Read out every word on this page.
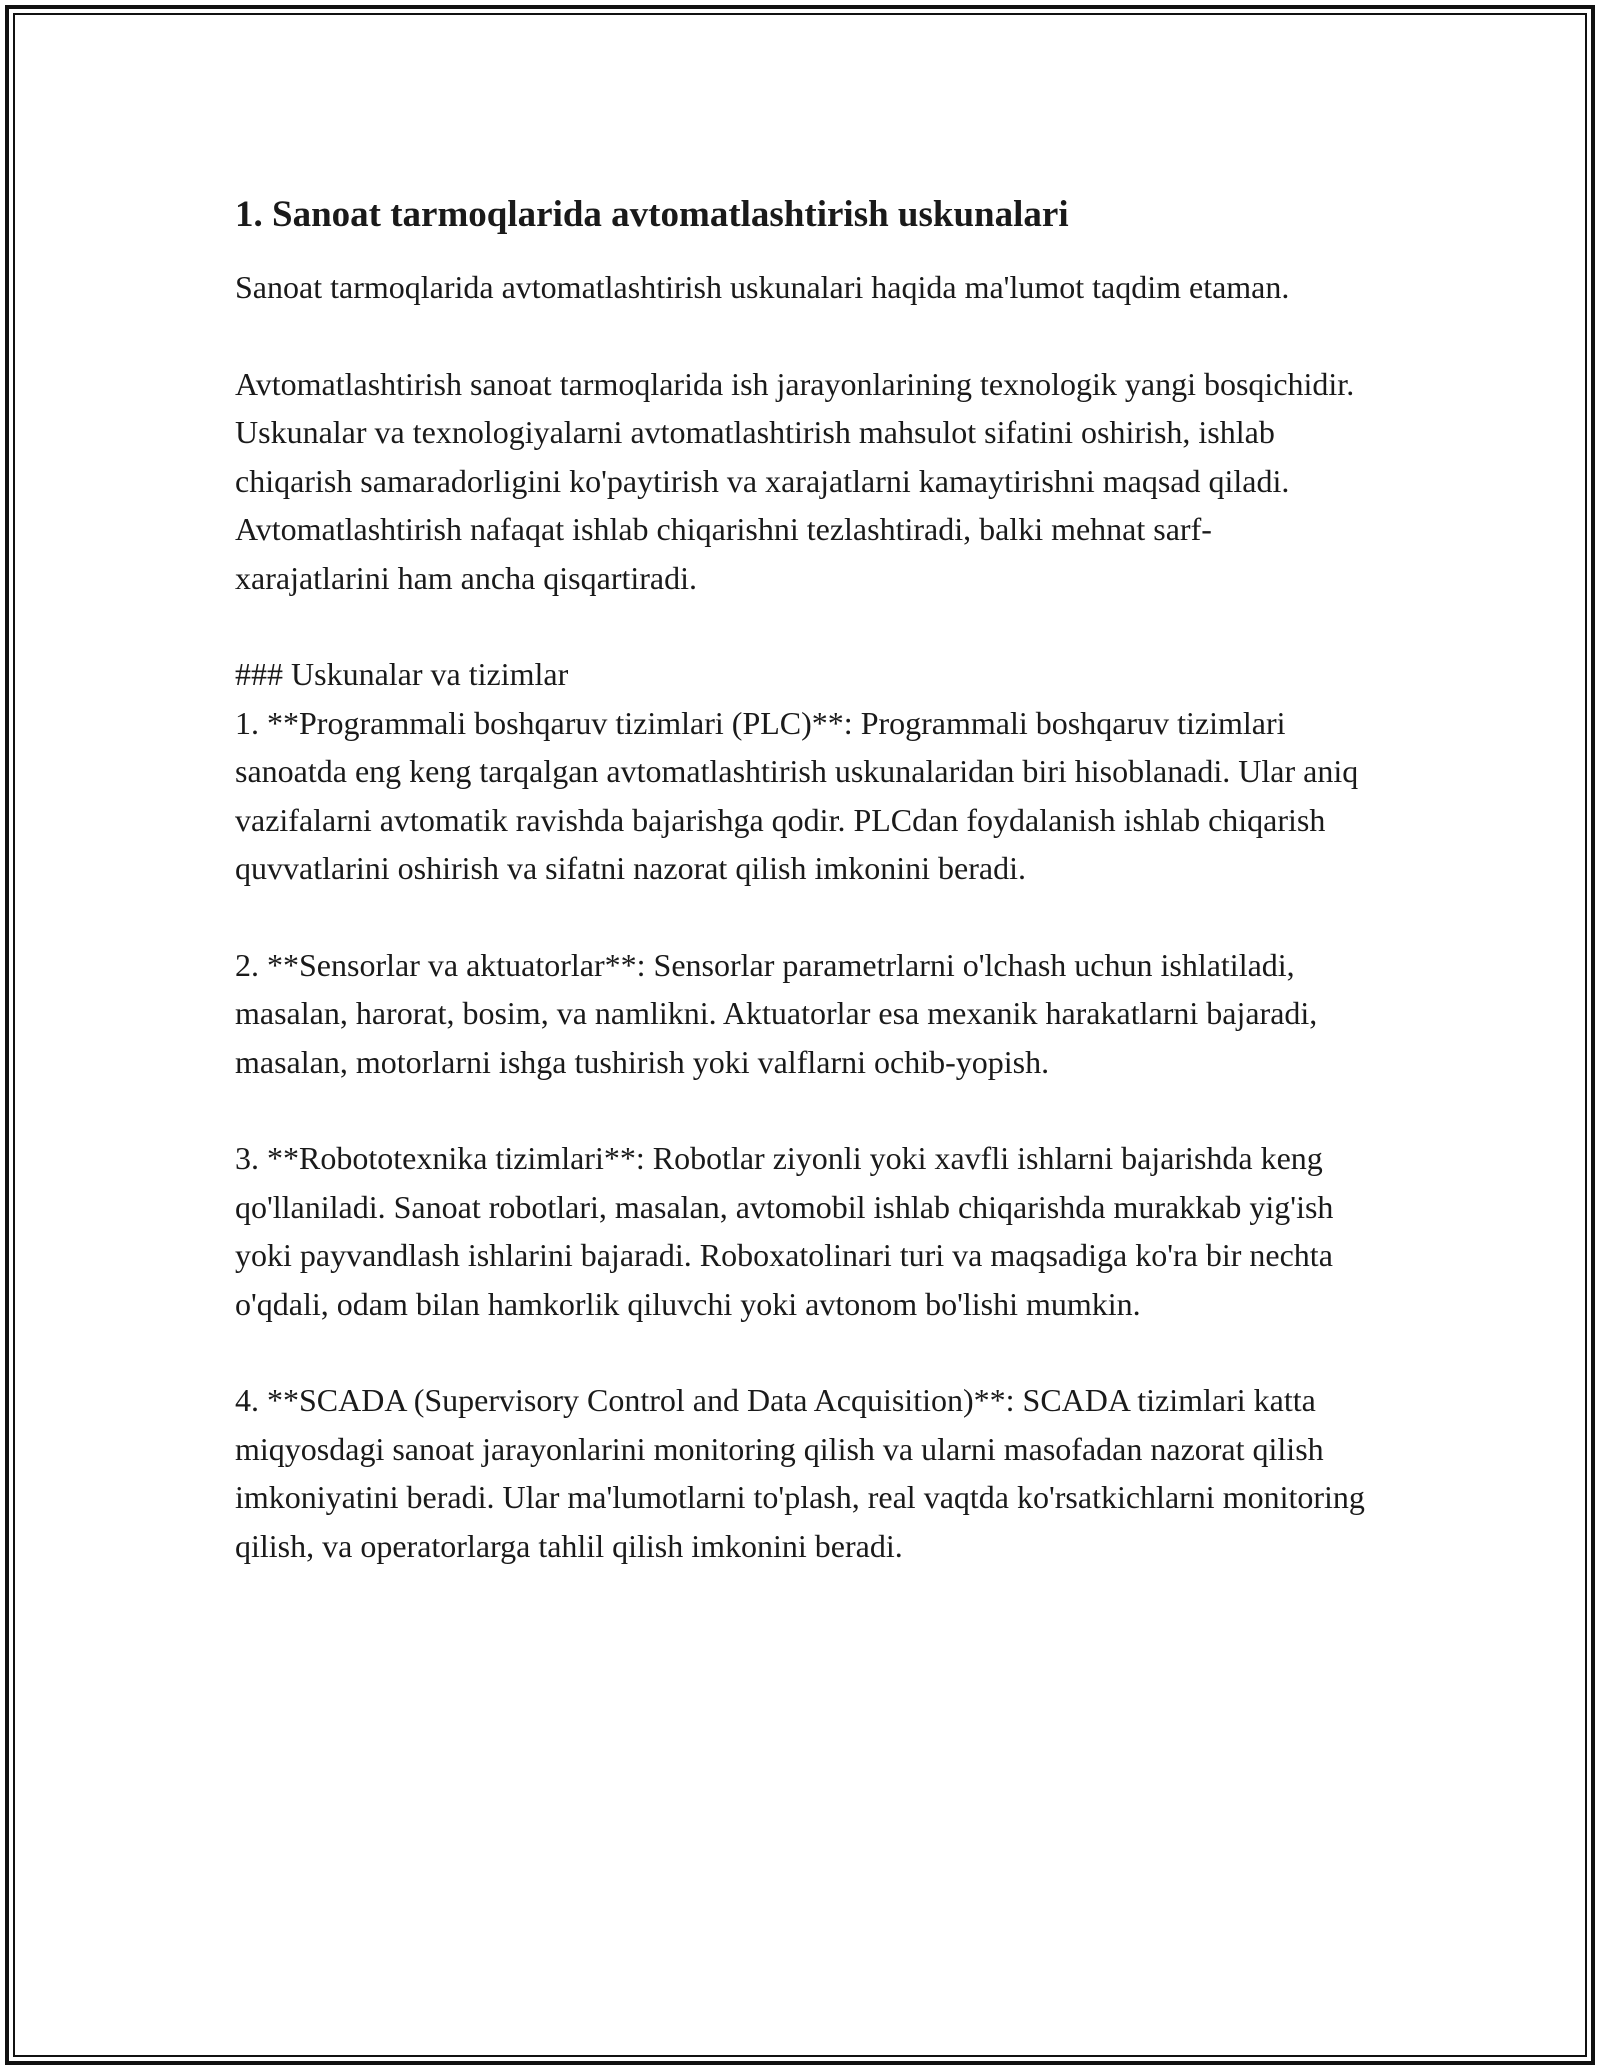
1. Sanoat tarmoqlarida avtomatlashtirish uskunalari

Sanoat tarmoqlarida avtomatlashtirish uskunalari haqida ma'lumot taqdim etaman.

Avtomatlashtirish sanoat tarmoqlarida ish jarayonlarining texnologik yangi bosqichidir. Uskunalar va texnologiyalarni avtomatlashtirish mahsulot sifatini oshirish, ishlab chiqarish samaradorligini ko'paytirish va xarajatlarni kamaytirishni maqsad qiladi. Avtomatlashtirish nafaqat ishlab chiqarishni tezlashtiradi, balki mehnat sarf-xarajatlarini ham ancha qisqartiradi.

### Uskunalar va tizimlar

1. **Programmali boshqaruv tizimlari (PLC)**: Programmali boshqaruv tizimlari sanoatda eng keng tarqalgan avtomatlashtirish uskunalaridan biri hisoblanadi. Ular aniq vazifalarni avtomatik ravishda bajarishga qodir. PLCdan foydalanish ishlab chiqarish quvvatlarini oshirish va sifatni nazorat qilish imkonini beradi.

2. **Sensorlar va aktuatorlar**: Sensorlar parametrlarni o'lchash uchun ishlatiladi, masalan, harorat, bosim, va namlikni. Aktuatorlar esa mexanik harakatlarni bajaradi, masalan, motorlarni ishga tushirish yoki valflarni ochib-yopish.

3. **Robototexnika tizimlari**: Robotlar ziyonli yoki xavfli ishlarni bajarishda keng qo'llaniladi. Sanoat robotlari, masalan, avtomobil ishlab chiqarishda murakkab yig'ish yoki payvandlash ishlarini bajaradi. Roboxatolinari turi va maqsadiga ko'ra bir nechta o'qdali, odam bilan hamkorlik qiluvchi yoki avtonom bo'lishi mumkin.

4. **SCADA (Supervisory Control and Data Acquisition)**: SCADA tizimlari katta miqyosdagi sanoat jarayonlarini monitoring qilish va ularni masofadan nazorat qilish imkoniyatini beradi. Ular ma'lumotlarni to'plash, real vaqtda ko'rsatkichlarni monitoring qilish, va operatorlarga tahlil qilish imkonini beradi.
